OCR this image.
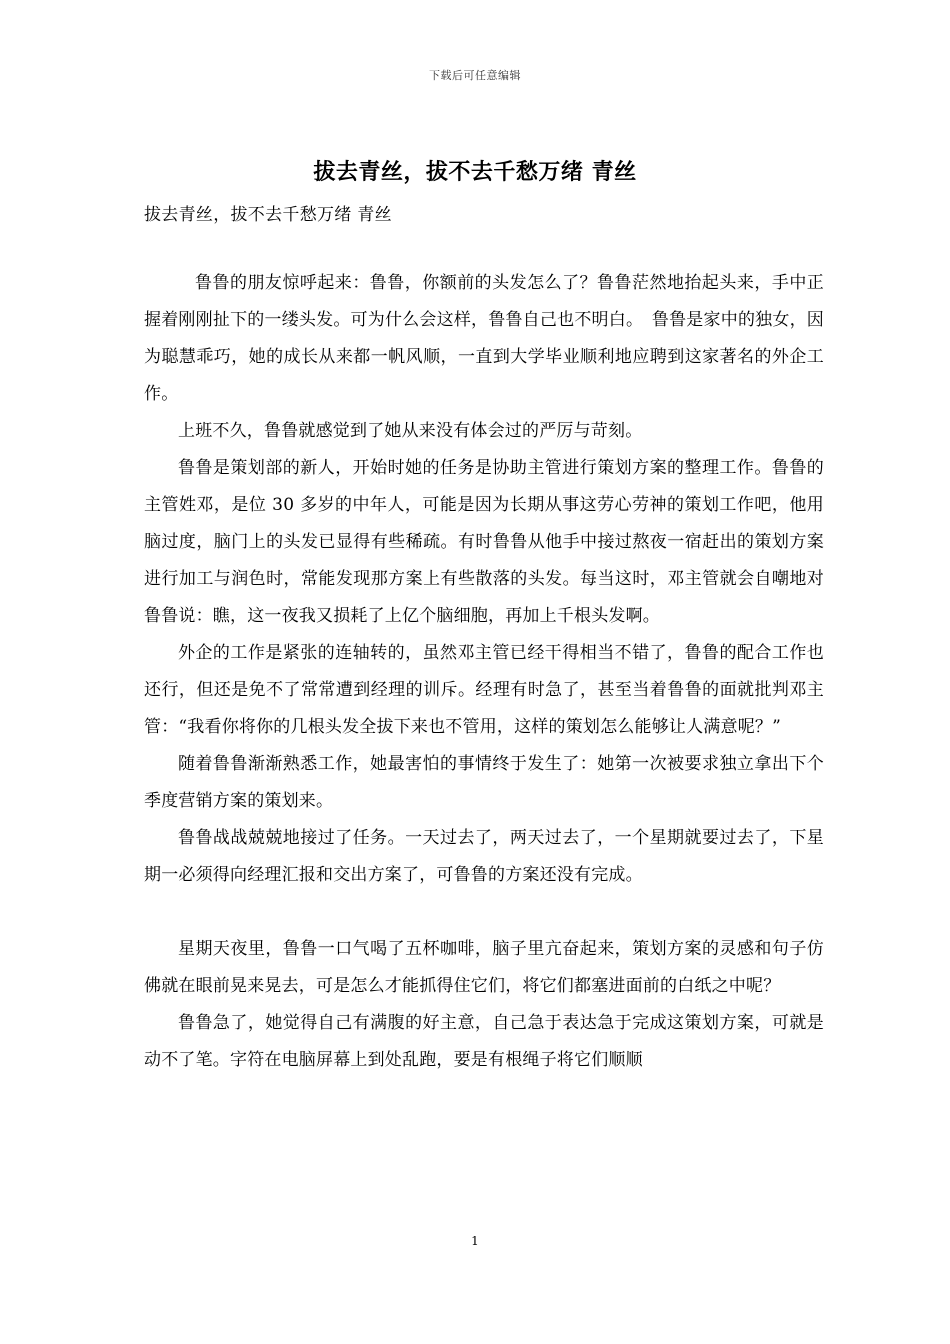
下载后可任意编辑
拔去青丝，拔不去千愁万绪 青丝
拔去青丝，拔不去千愁万绪 青丝

鲁鲁的朋友惊呼起来：鲁鲁，你额前的头发怎么了？鲁鲁茫然地抬起头来，手中正握着刚刚扯下的一缕头发。可为什么会这样，鲁鲁自己也不明白。　鲁鲁是家中的独女，因为聪慧乖巧，她的成长从来都一帆风顺，一直到大学毕业顺利地应聘到这家著名的外企工作。

上班不久，鲁鲁就感觉到了她从来没有体会过的严厉与苛刻。

鲁鲁是策划部的新人，开始时她的任务是协助主管进行策划方案的整理工作。鲁鲁的主管姓邓，是位 30 多岁的中年人，可能是因为长期从事这劳心劳神的策划工作吧，他用脑过度，脑门上的头发已显得有些稀疏。有时鲁鲁从他手中接过熬夜一宿赶出的策划方案进行加工与润色时，常能发现那方案上有些散落的头发。每当这时，邓主管就会自嘲地对鲁鲁说：瞧，这一夜我又损耗了上亿个脑细胞，再加上千根头发啊。

外企的工作是紧张的连轴转的，虽然邓主管已经干得相当不错了，鲁鲁的配合工作也还行，但还是免不了常常遭到经理的训斥。经理有时急了，甚至当着鲁鲁的面就批判邓主管：“我看你将你的几根头发全拔下来也不管用，这样的策划怎么能够让人满意呢？”

随着鲁鲁渐渐熟悉工作，她最害怕的事情终于发生了：她第一次被要求独立拿出下个季度营销方案的策划来。

鲁鲁战战兢兢地接过了任务。一天过去了，两天过去了，一个星期就要过去了，下星期一必须得向经理汇报和交出方案了，可鲁鲁的方案还没有完成。

星期天夜里，鲁鲁一口气喝了五杯咖啡，脑子里亢奋起来，策划方案的灵感和句子仿佛就在眼前晃来晃去，可是怎么才能抓得住它们，将它们都塞进面前的白纸之中呢？

鲁鲁急了，她觉得自己有满腹的好主意，自己急于表达急于完成这策划方案，可就是动不了笔。字符在电脑屏幕上到处乱跑，要是有根绳子将它们顺顺

1
